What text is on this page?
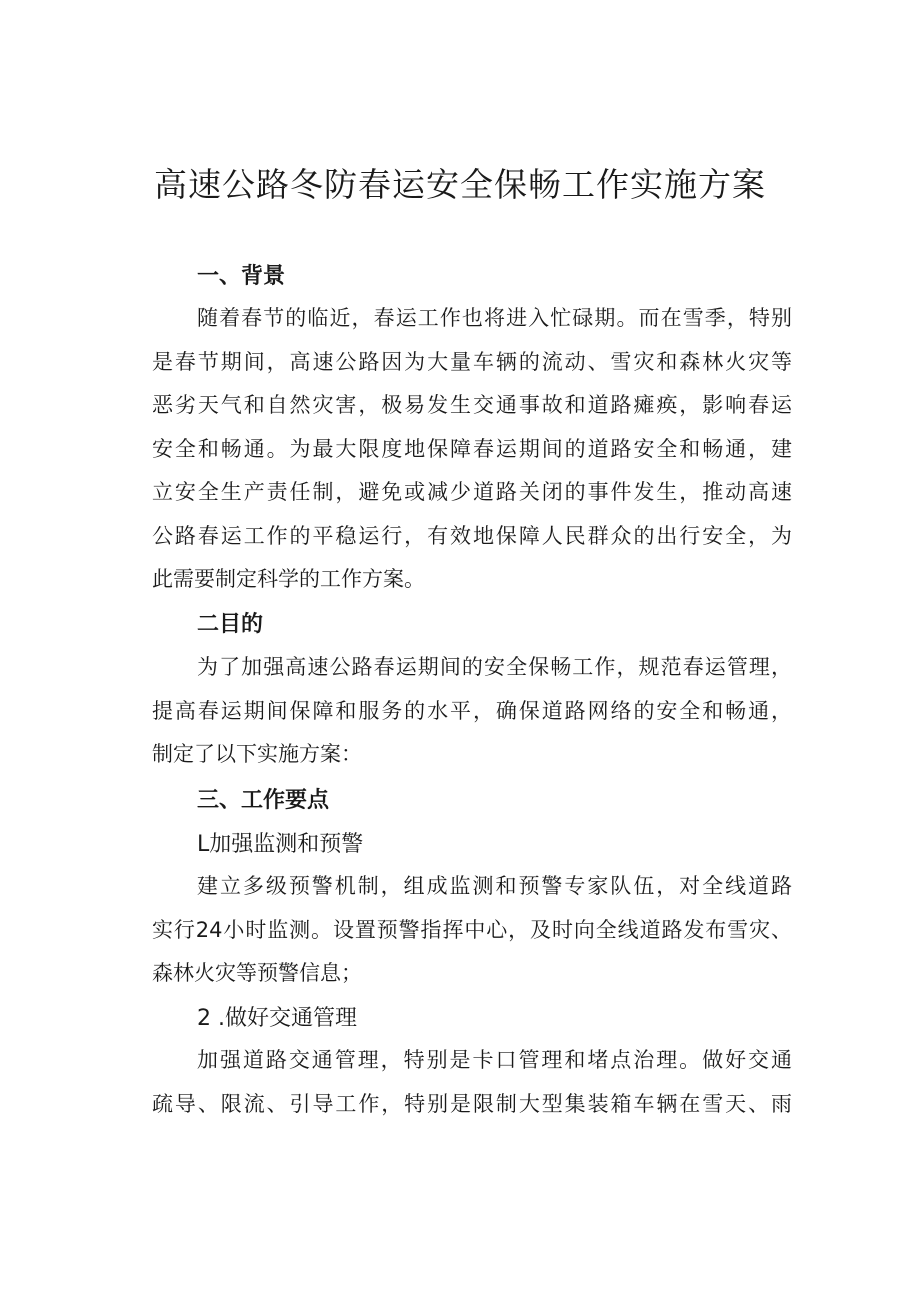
高速公路冬防春运安全保畅工作实施方案
一、背景
随着春节的临近，春运工作也将进入忙碌期。而在雪季，特别
是春节期间，高速公路因为大量车辆的流动、雪灾和森林火灾等
恶劣天气和自然灾害，极易发生交通事故和道路瘫痪，影响春运
安全和畅通。为最大限度地保障春运期间的道路安全和畅通，建
立安全生产责任制，避免或减少道路关闭的事件发生，推动高速
公路春运工作的平稳运行，有效地保障人民群众的出行安全，为
此需要制定科学的工作方案。
二目的
为了加强高速公路春运期间的安全保畅工作，规范春运管理，
提高春运期间保障和服务的水平，确保道路网络的安全和畅通，
制定了以下实施方案：
三、工作要点
L加强监测和预警
建立多级预警机制，组成监测和预警专家队伍，对全线道路
实行24小时监测。设置预警指挥中心，及时向全线道路发布雪灾、
森林火灾等预警信息；
2 .做好交通管理
加强道路交通管理，特别是卡口管理和堵点治理。做好交通
疏导、限流、引导工作，特别是限制大型集装箱车辆在雪天、雨
